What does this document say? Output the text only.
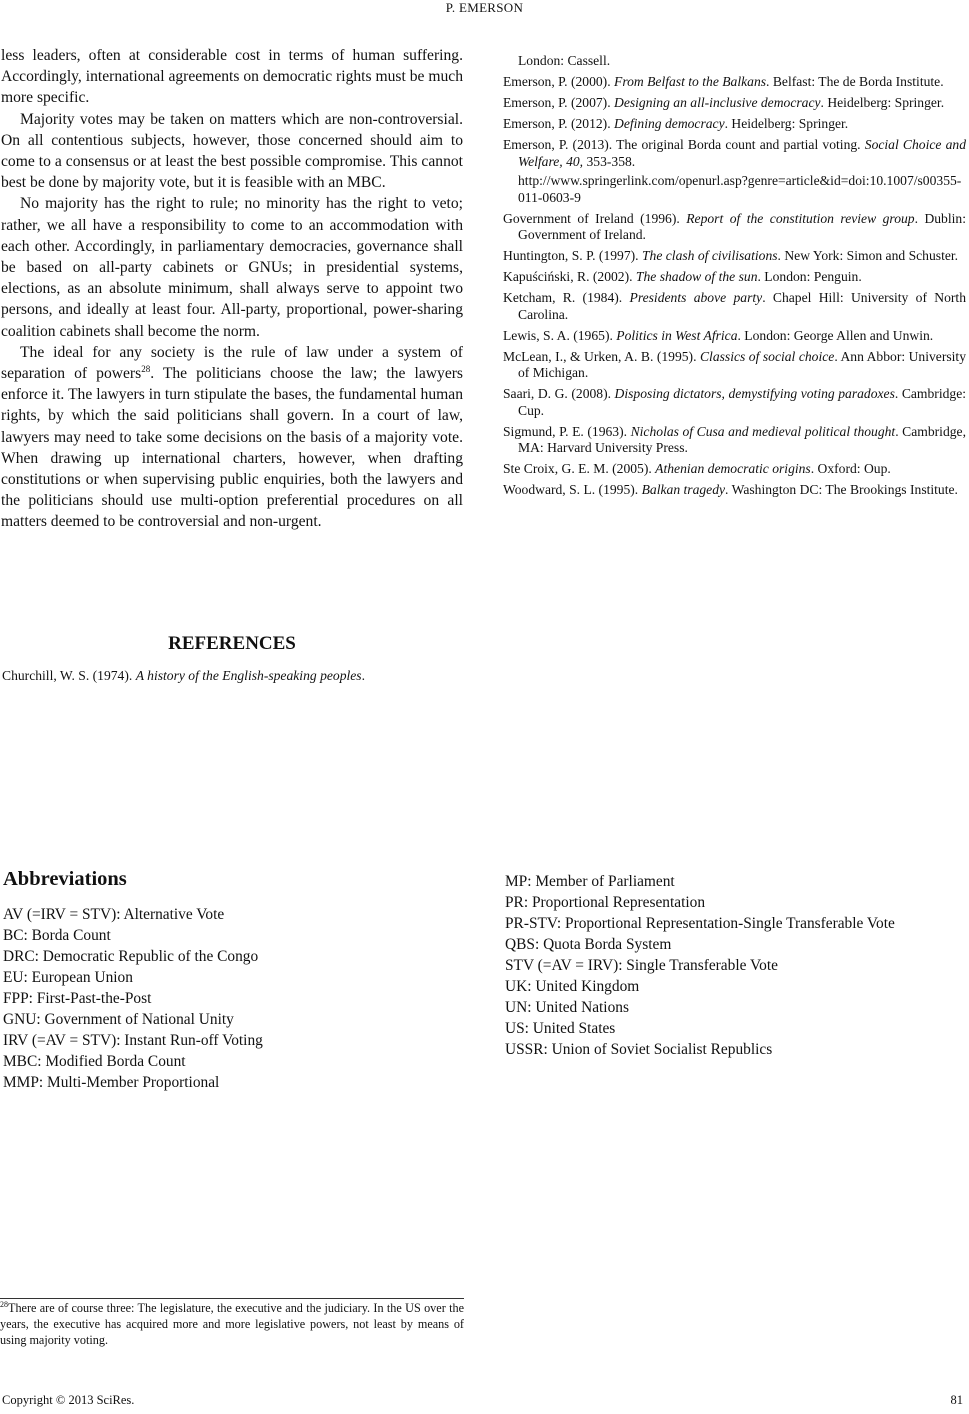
P. EMERSON

less leaders, often at considerable cost in terms of human suffering. Accordingly, international agreements on democratic rights must be much more specific.

Majority votes may be taken on matters which are non-controversial. On all contentious subjects, however, those concerned should aim to come to a consensus or at least the best possible compromise. This cannot best be done by majority vote, but it is feasible with an MBC.

No majority has the right to rule; no minority has the right to veto; rather, we all have a responsibility to come to an accommodation with each other. Accordingly, in parliamentary democracies, governance shall be based on all-party cabinets or GNUs; in presidential systems, elections, as an absolute minimum, shall always serve to appoint two persons, and ideally at least four. All-party, proportional, power-sharing coalition cabinets shall become the norm.

The ideal for any society is the rule of law under a system of separation of powers$^{28}$. The politicians choose the law; the lawyers enforce it. The lawyers in turn stipulate the bases, the fundamental human rights, by which the said politicians shall govern. In a court of law, lawyers may need to take some decisions on the basis of a majority vote. When drawing up international charters, however, when drafting constitutions or when supervising public enquiries, both the lawyers and the politicians should use multi-option preferential procedures on all matters deemed to be controversial and non-urgent.

REFERENCES
Churchill, W. S. (1974). A history of the English-speaking peoples.
London: Cassell.
Emerson, P. (2000). From Belfast to the Balkans. Belfast: The de Borda Institute.
Emerson, P. (2007). Designing an all-inclusive democracy. Heidelberg: Springer.
Emerson, P. (2012). Defining democracy. Heidelberg: Springer.
Emerson, P. (2013). The original Borda count and partial voting. Social Choice and Welfare, 40, 353-358.
http://www.springerlink.com/openurl.asp?genre=article&id=doi:10.1007/s00355-011-0603-9
Government of Ireland (1996). Report of the constitution review group. Dublin: Government of Ireland.
Huntington, S. P. (1997). The clash of civilisations. New York: Simon and Schuster.
Kapuściński, R. (2002). The shadow of the sun. London: Penguin.
Ketcham, R. (1984). Presidents above party. Chapel Hill: University of North Carolina.
Lewis, S. A. (1965). Politics in West Africa. London: George Allen and Unwin.
McLean, I., & Urken, A. B. (1995). Classics of social choice. Ann Abbor: University of Michigan.
Saari, D. G. (2008). Disposing dictators, demystifying voting paradoxes. Cambridge: Cup.
Sigmund, P. E. (1963). Nicholas of Cusa and medieval political thought. Cambridge, MA: Harvard University Press.
Ste Croix, G. E. M. (2005). Athenian democratic origins. Oxford: Oup.
Woodward, S. L. (1995). Balkan tragedy. Washington DC: The Brookings Institute.
Abbreviations
AV (=IRV = STV): Alternative Vote
BC: Borda Count
DRC: Democratic Republic of the Congo
EU: European Union
FPP: First-Past-the-Post
GNU: Government of National Unity
IRV (=AV = STV): Instant Run-off Voting
MBC: Modified Borda Count
MMP: Multi-Member Proportional
MP: Member of Parliament
PR: Proportional Representation
PR-STV: Proportional Representation-Single Transferable Vote
QBS: Quota Borda System
STV (=AV = IRV): Single Transferable Vote
UK: United Kingdom
UN: United Nations
US: United States
USSR: Union of Soviet Socialist Republics
$^{28}$There are of course three: The legislature, the executive and the judiciary. In the US over the years, the executive has acquired more and more legislative powers, not least by means of using majority voting.
Copyright © 2013 SciRes.	81
